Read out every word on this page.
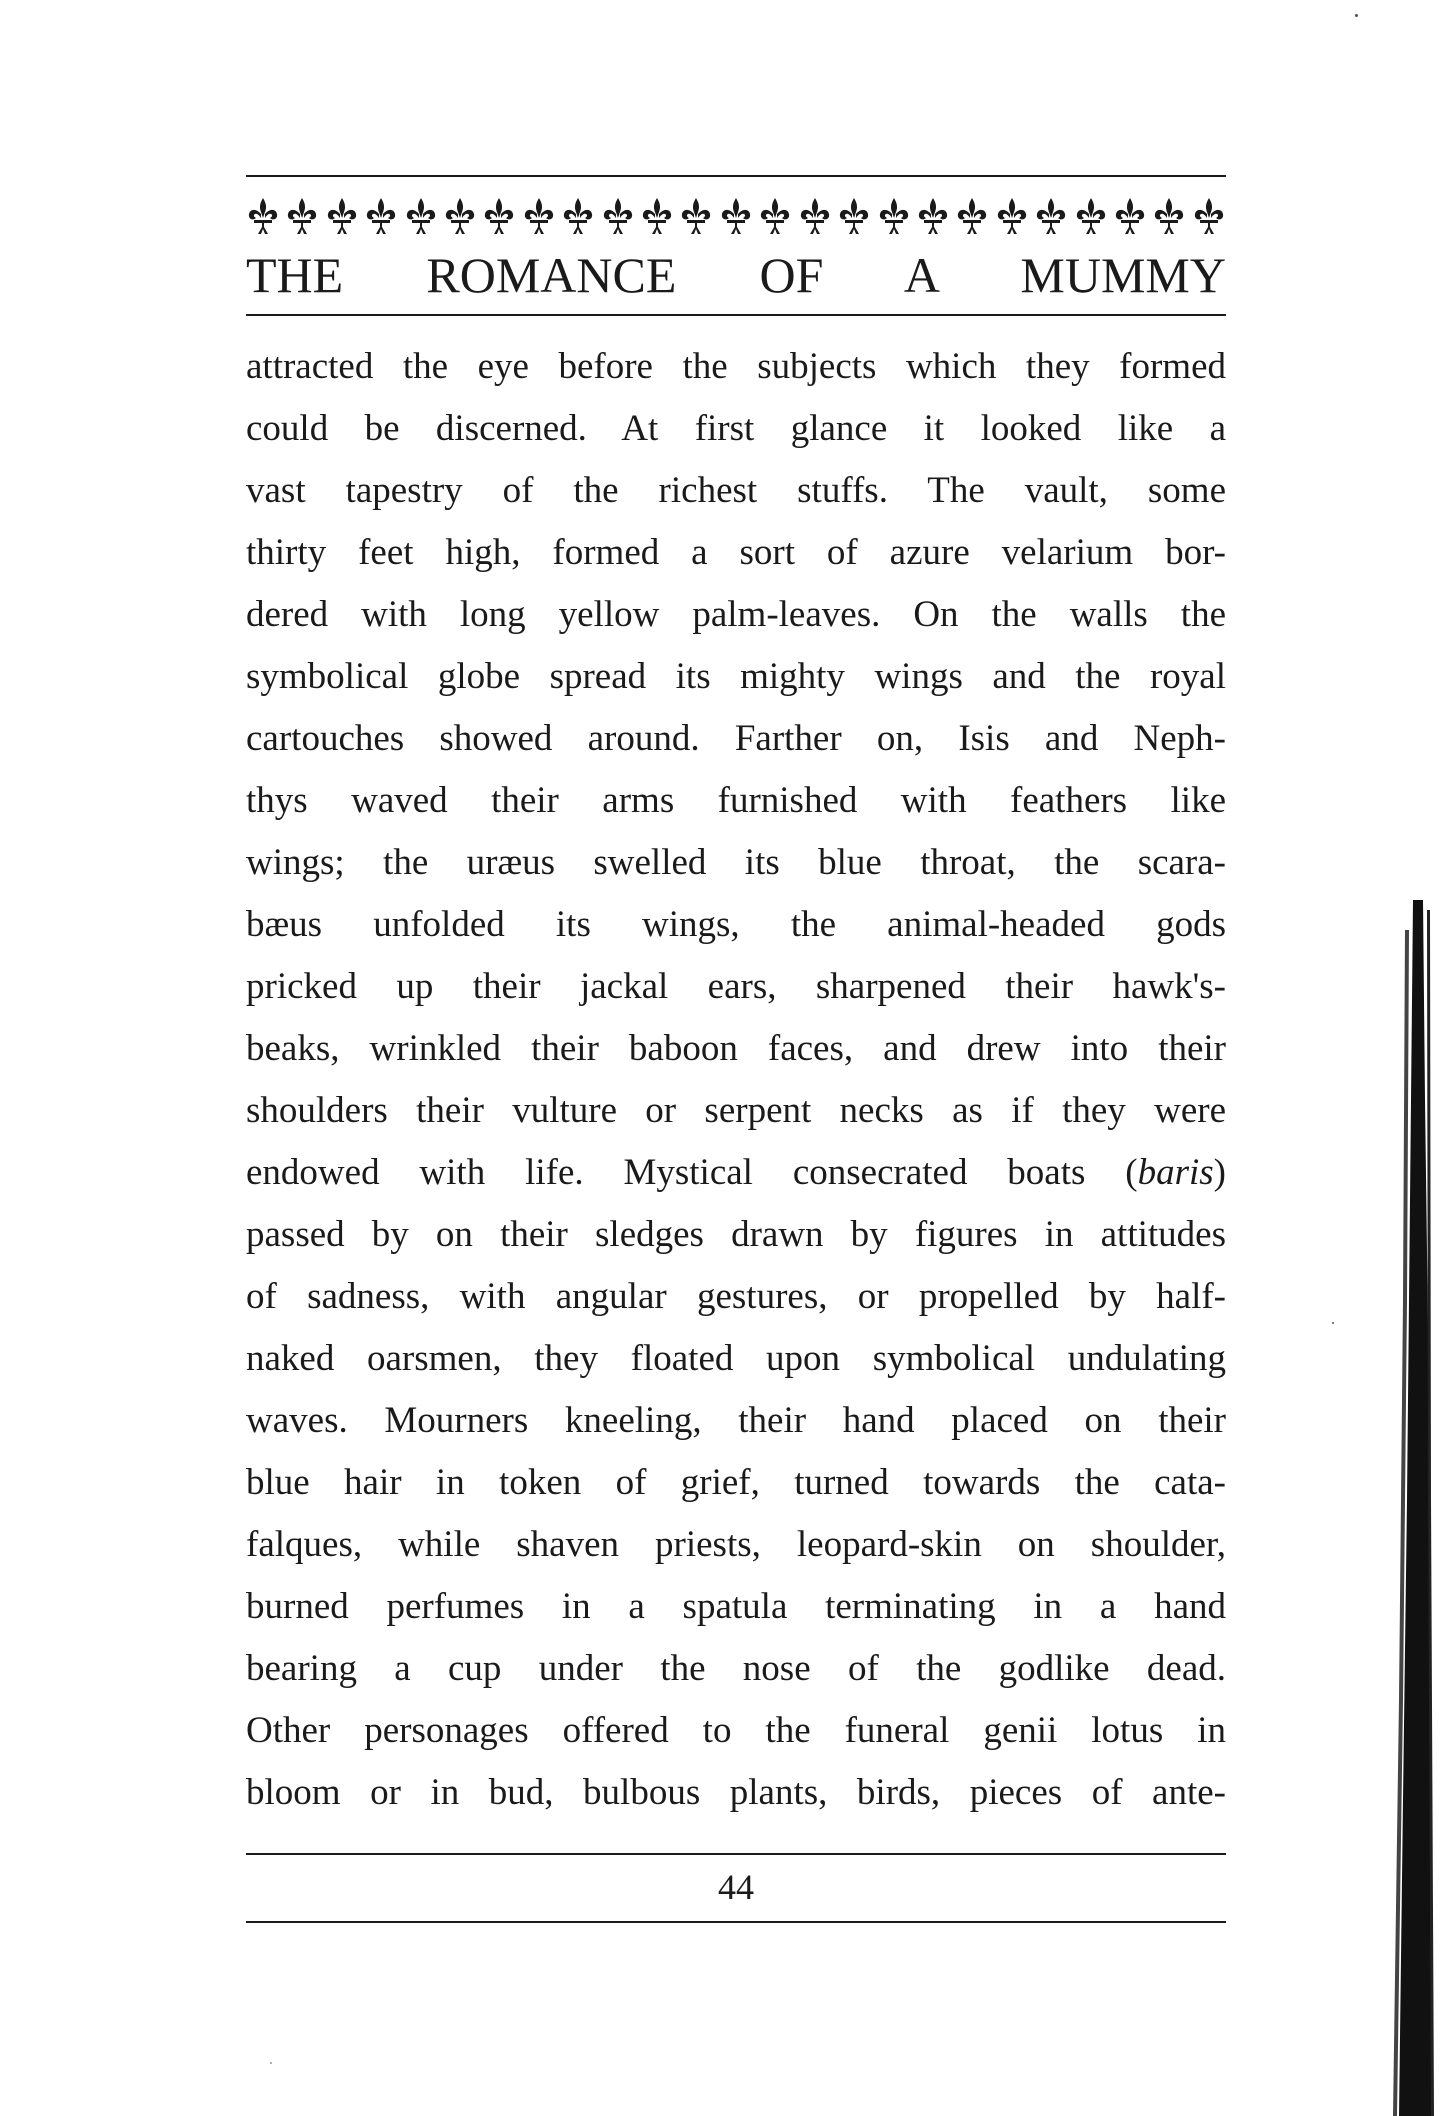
THE ROMANCE OF A MUMMY
attracted the eye before the subjects which they formed
could be discerned. At first glance it looked like a
vast tapestry of the richest stuffs. The vault, some
thirty feet high, formed a sort of azure velarium bor-
dered with long yellow palm-leaves. On the walls the
symbolical globe spread its mighty wings and the royal
cartouches showed around. Farther on, Isis and Neph-
thys waved their arms furnished with feathers like
wings; the uræus swelled its blue throat, the scara-
bæus unfolded its wings, the animal-headed gods
pricked up their jackal ears, sharpened their hawk's-
beaks, wrinkled their baboon faces, and drew into their
shoulders their vulture or serpent necks as if they were
endowed with life. Mystical consecrated boats (baris)
passed by on their sledges drawn by figures in attitudes
of sadness, with angular gestures, or propelled by half-
naked oarsmen, they floated upon symbolical undulating
waves. Mourners kneeling, their hand placed on their
blue hair in token of grief, turned towards the cata-
falques, while shaven priests, leopard-skin on shoulder,
burned perfumes in a spatula terminating in a hand
bearing a cup under the nose of the godlike dead.
Other personages offered to the funeral genii lotus in
bloom or in bud, bulbous plants, birds, pieces of ante-
44
